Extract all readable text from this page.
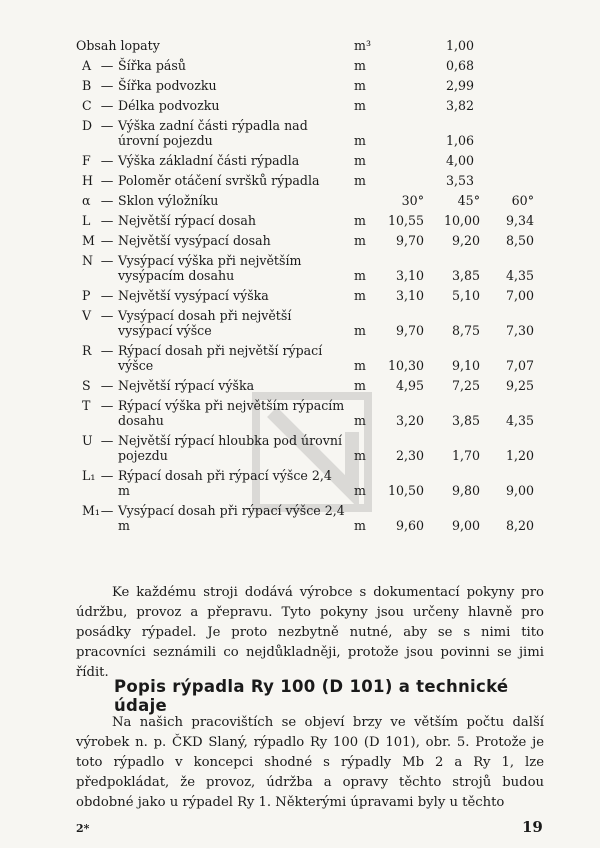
Obsah lopaty	m³	1,00
A — Šířka pásů	m	0,68
B — Šířka podvozku	m	2,99
C — Délka podvozku	m	3,82
D — Výška zadní části rýpadla nad úrovní pojezdu	m	1,06
F — Výška základní části rýpadla	m	4,00
H — Poloměr otáčení svršků rýpadla	m	3,53
α — Sklon výložníku	30°	45°	60°
L — Největší rýpací dosah	m	10,55	10,00	9,34
M — Největší vysýpací dosah	m	9,70	9,20	8,50
N — Vysýpací výška při největším vysýpacím dosahu	m	3,10	3,85	4,35
P — Největší vysýpací výška	m	3,10	5,10	7,00
V — Vysýpací dosah při největší vysýpací výšce	m	9,70	8,75	7,30
R — Rýpací dosah při největší rýpací výšce	m	10,30	9,10	7,07
S — Největší rýpací výška	m	4,95	7,25	9,25
T — Rýpací výška při největším rýpacím dosahu	m	3,20	3,85	4,35
U — Největší rýpací hloubka pod úrovní pojezdu	m	2,30	1,70	1,20
L₁ — Rýpací dosah při rýpací výšce 2,4 m	m	10,50	9,80	9,00
M₁ — Vysýpací dosah při rýpací výšce 2,4 m	m	9,60	9,00	8,20

Ke každému stroji dodává výrobce s dokumentací pokyny pro údržbu, provoz a přepravu. Tyto pokyny jsou určeny hlavně pro posádky rýpadel. Je proto nezbytně nutné, aby se s nimi tito pracovníci seznámili co nejdůkladněji, protože jsou povinni se jimi řídit.

Popis rýpadla Ry 100 (D 101) a technické údaje

Na našich pracovištích se objeví brzy ve větším počtu další výrobek n. p. ČKD Slaný, rýpadlo Ry 100 (D 101), obr. 5. Protože je toto rýpadlo v koncepci shodné s rýpadly Mb 2 a Ry 1, lze předpokládat, že provoz, údržba a opravy těchto strojů budou obdobné jako u rýpadel Ry 1. Některými úpravami byly u těchto

2*	19
